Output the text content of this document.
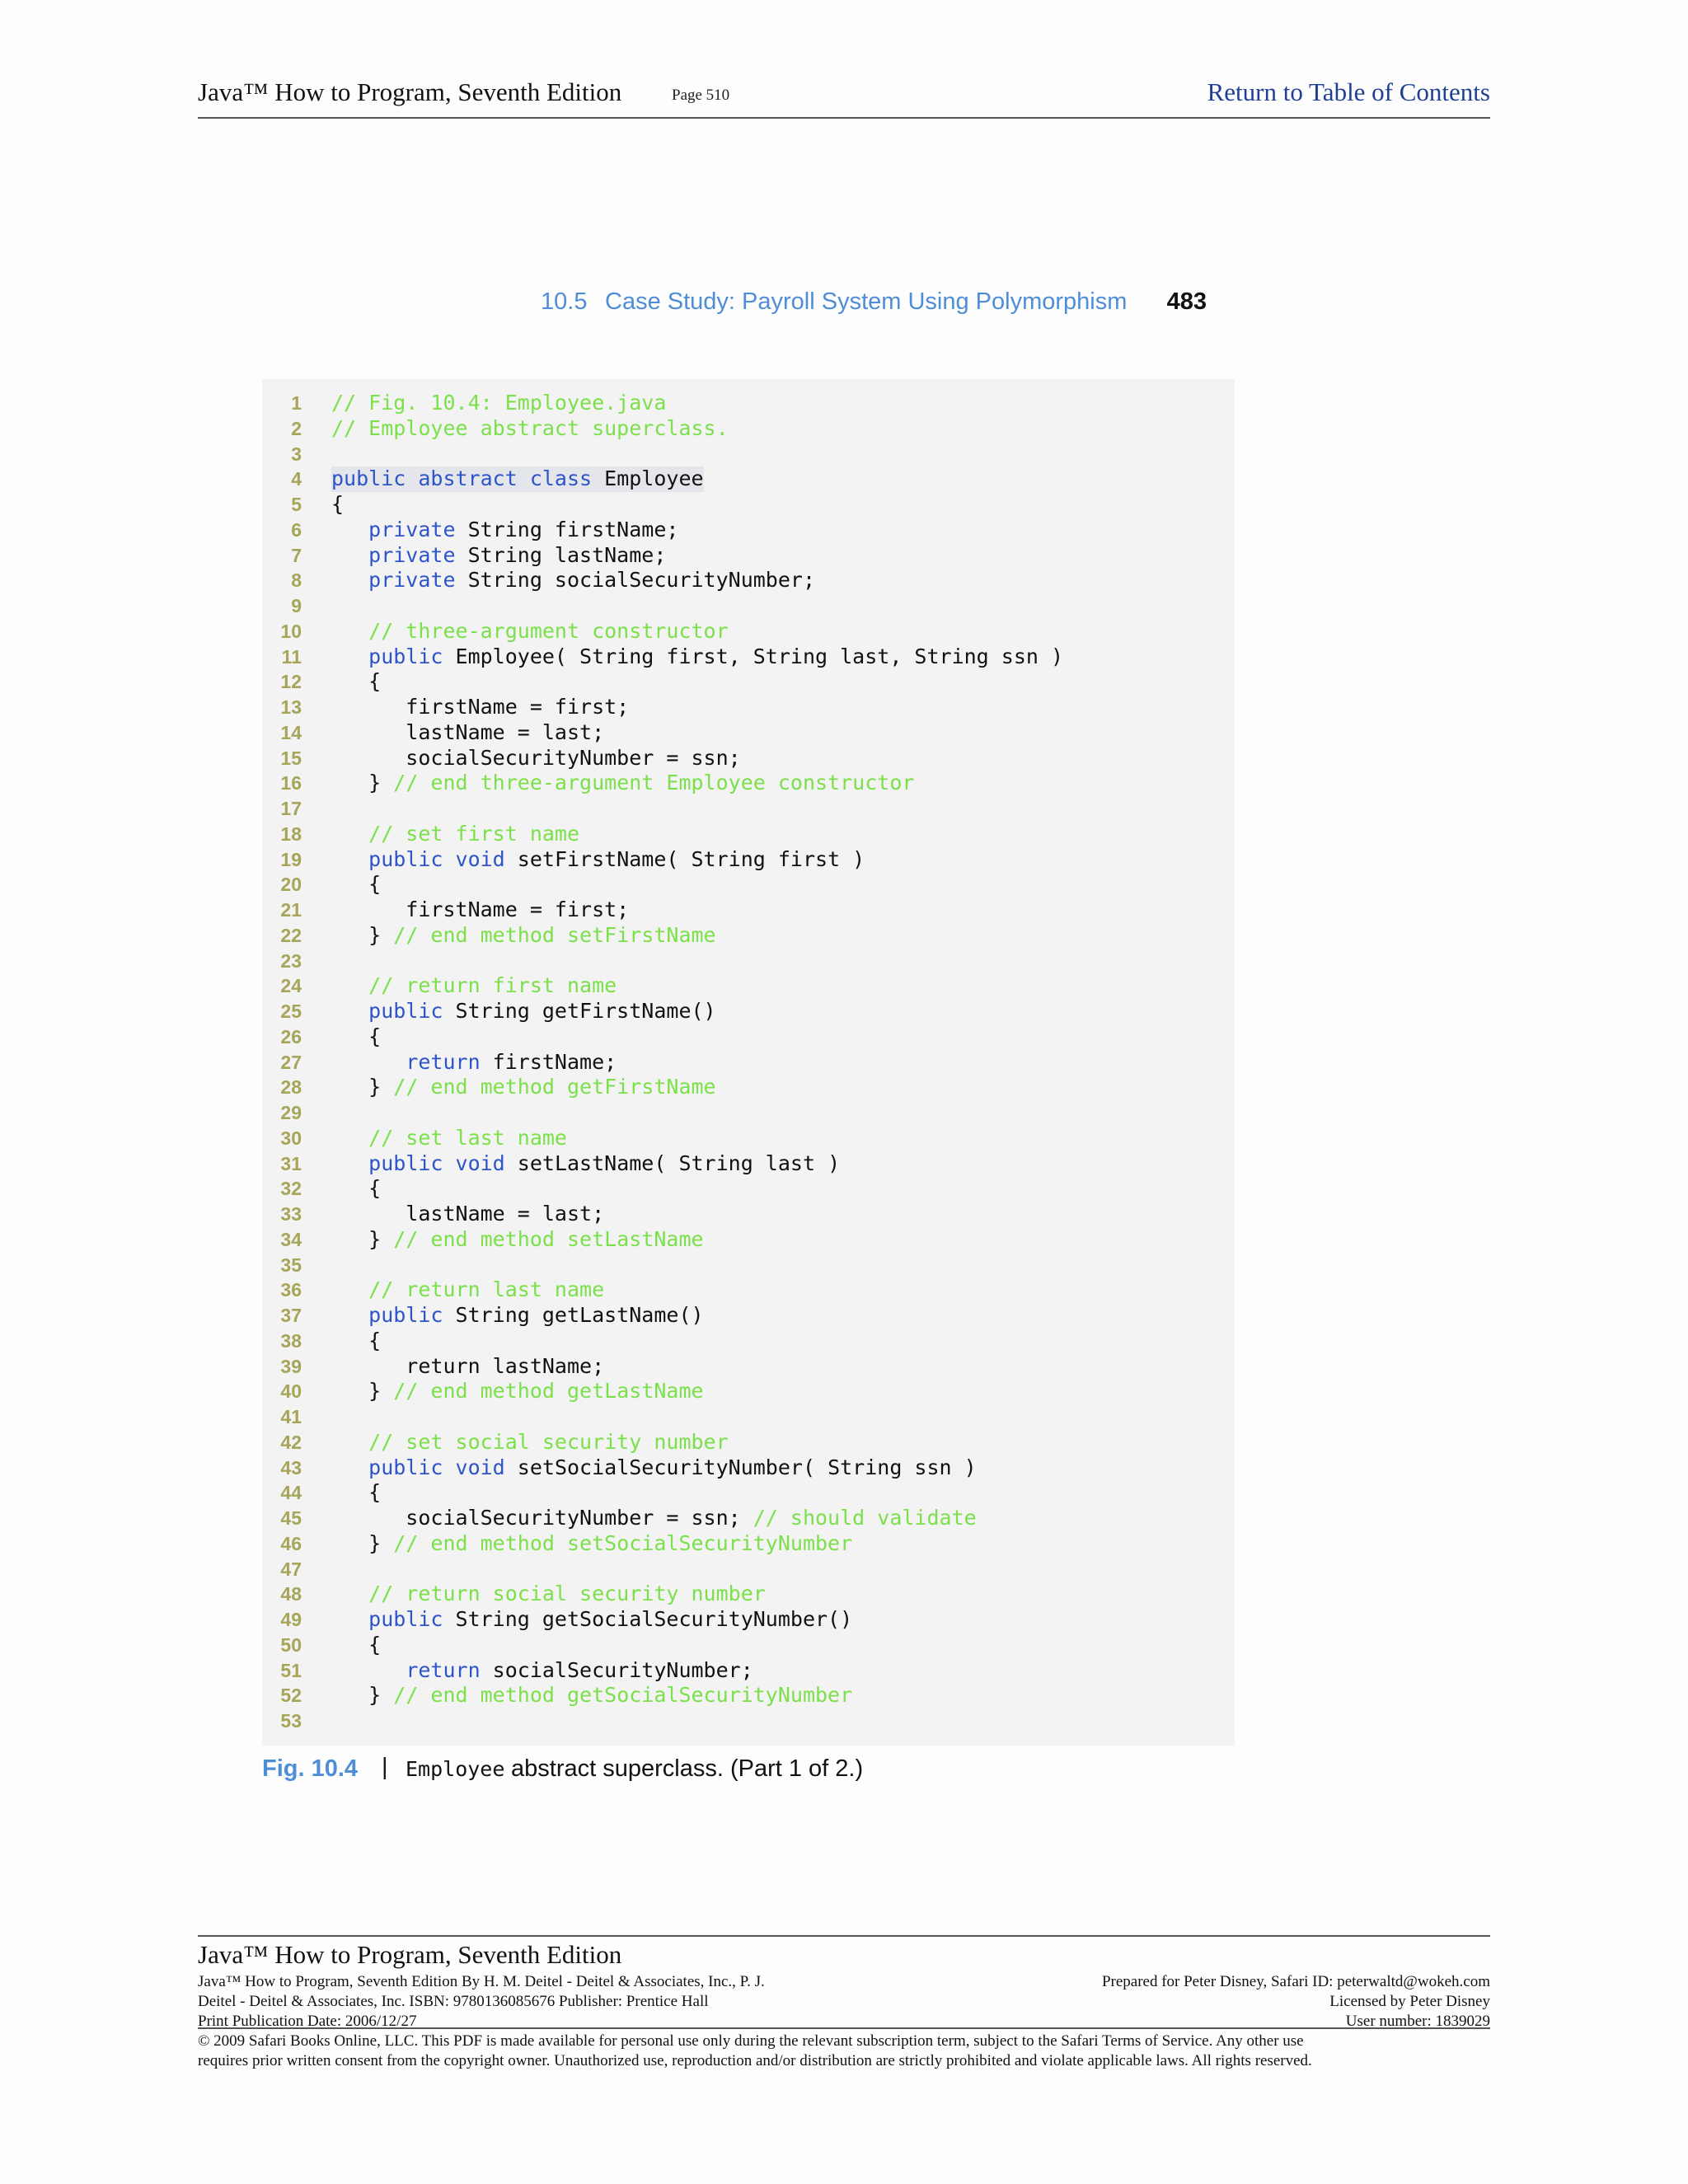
Java™ How to Program, Seventh Edition	Page 510	Return to Table of Contents
10.5 Case Study: Payroll System Using Polymorphism 483
1 // Fig. 10.4: Employee.java
2 // Employee abstract superclass.
3
4 public abstract class Employee
5 {
6	private String firstName;
7	private String lastName;
8	private String socialSecurityNumber;
9
10	// three-argument constructor
11	public Employee( String first, String last, String ssn )
12 {
13 firstName = first;
14 lastName = last;
15 socialSecurityNumber = ssn;
16 } // end three-argument Employee constructor
17
18	// set first name
19	public void setFirstName( String first )
20 {
21 firstName = first;
22 } // end method setFirstName
23
24	// return first name
25	public String getFirstName()
26 {
27	return firstName;
28 } // end method getFirstName
29
30	// set last name
31	public void setLastName( String last )
32 {
33 lastName = last;
34 } // end method setLastName
35
36	// return last name
37	public String getLastName()
38 {
39 return lastName;
40 } // end method getLastName
41
42	// set social security number
43	public void setSocialSecurityNumber( String ssn )
44 {
45 socialSecurityNumber = ssn; // should validate
46 } // end method setSocialSecurityNumber
47
48	// return social security number
49	public String getSocialSecurityNumber()
50 {
51	return socialSecurityNumber;
52 } // end method getSocialSecurityNumber
53
Fig. 10.4 | Employee abstract superclass. (Part 1 of 2.)
Java™ How to Program, Seventh Edition
Java™ How to Program, Seventh Edition By H. M. Deitel - Deitel & Associates, Inc., P. J.
Deitel - Deitel & Associates, Inc. ISBN: 9780136085676 Publisher: Prentice Hall
Print Publication Date: 2006/12/27
Prepared for Peter Disney, Safari ID: peterwaltd@wokeh.com
Licensed by Peter Disney
User number: 1839029
© 2009 Safari Books Online, LLC. This PDF is made available for personal use only during the relevant subscription term, subject to the Safari Terms of Service. Any other use
requires prior written consent from the copyright owner. Unauthorized use, reproduction and/or distribution are strictly prohibited and violate applicable laws. All rights reserved.
